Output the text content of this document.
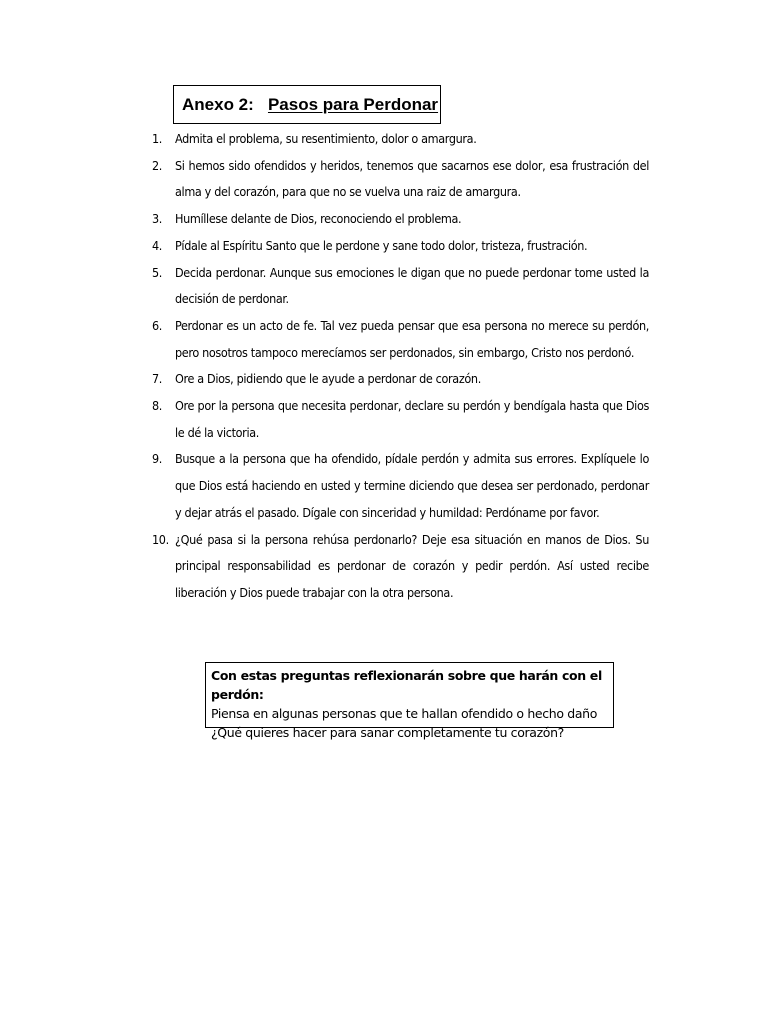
Anexo 2:
Pasos para Perdonar
1.	Admita el problema, su resentimiento, dolor o amargura.
2.	Si hemos sido ofendidos y heridos, tenemos que sacarnos ese dolor, esa frustración del alma y del corazón, para que no se vuelva una raiz de amargura.
3.	Humíllese delante de Dios, reconociendo el problema.
4.	Pídale al Espíritu Santo que le perdone y sane todo dolor, tristeza, frustración.
5.	Decida perdonar. Aunque sus emociones le digan que no puede perdonar tome usted la decisión de perdonar.
6.	Perdonar es un acto de fe. Tal vez pueda pensar que esa persona no merece su perdón, pero nosotros tampoco merecíamos ser perdonados, sin embargo, Cristo nos perdonó.
7.	Ore a Dios, pidiendo que le ayude a perdonar de corazón.
8.	Ore por la persona que necesita perdonar, declare su perdón y bendígala hasta que Dios le dé la victoria.
9.	Busque a la persona que ha ofendido, pídale perdón y admita sus errores. Explíquele lo que Dios está haciendo en usted y termine diciendo que desea ser perdonado, perdonar y dejar atrás el pasado. Dígale con sinceridad y humildad: Perdóname por favor.
10. ¿Qué pasa si la persona rehúsa perdonarlo? Deje esa situación en manos de Dios. Su principal responsabilidad es perdonar de corazón y pedir perdón. Así usted recibe liberación y Dios puede trabajar con la otra persona.
Con estas preguntas reflexionarán sobre que harán con el perdón:
Piensa en algunas personas que te hallan ofendido o hecho daño
¿Qué quieres hacer para sanar completamente tu corazón?
